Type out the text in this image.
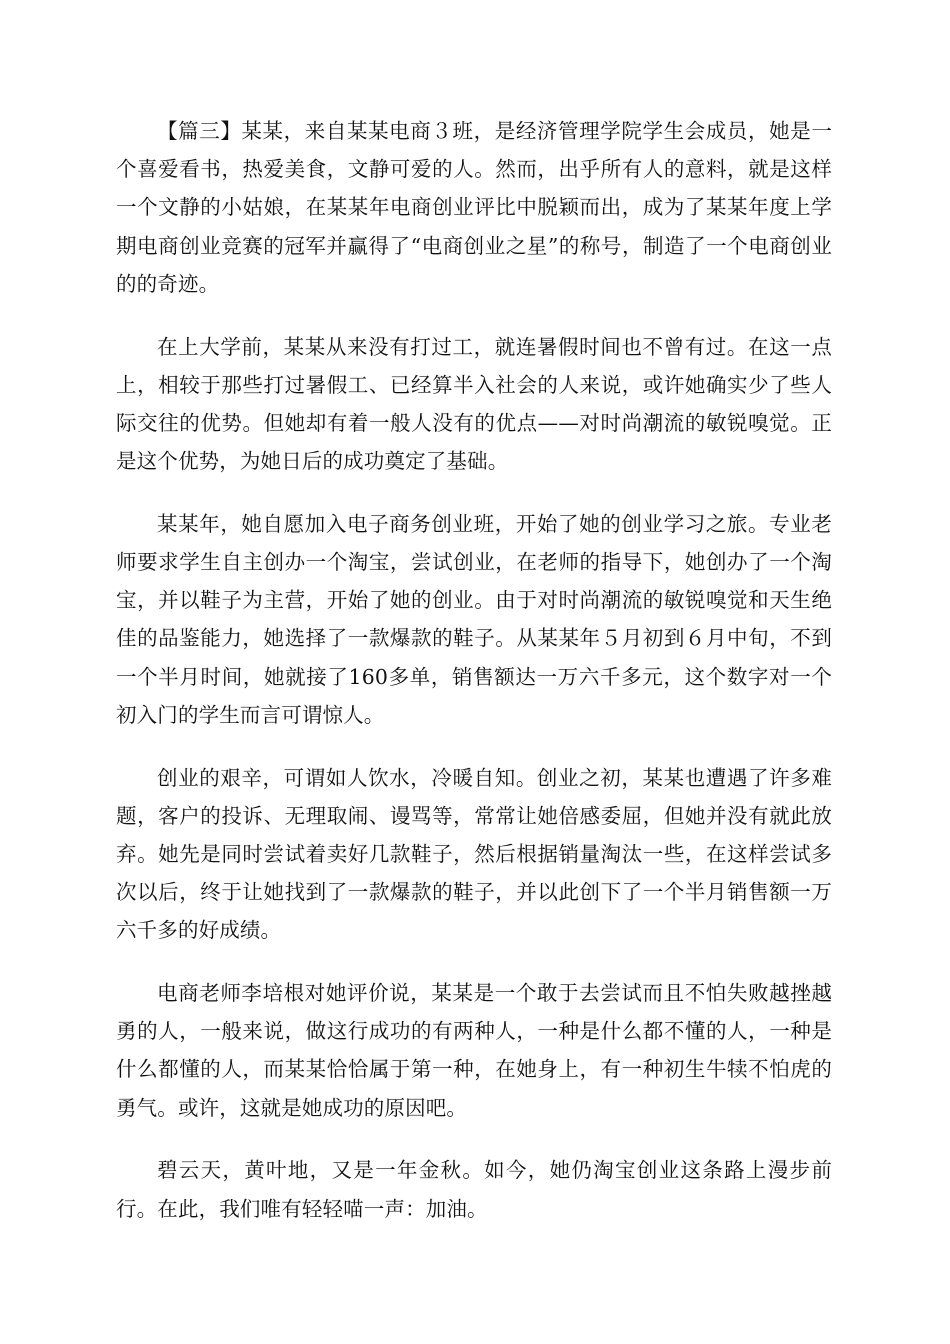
【篇三】某某，来自某某电商３班，是经济管理学院学生会成员，她是一个喜爱看书，热爱美食，文静可爱的人。然而，出乎所有人的意料，就是这样一个文静的小姑娘，在某某年电商创业评比中脱颖而出，成为了某某年度上学期电商创业竞赛的冠军并赢得了“电商创业之星”的称号，制造了一个电商创业的的奇迹。

在上大学前，某某从来没有打过工，就连暑假时间也不曾有过。在这一点上，相较于那些打过暑假工、已经算半入社会的人来说，或许她确实少了些人际交往的优势。但她却有着一般人没有的优点——对时尚潮流的敏锐嗅觉。正是这个优势，为她日后的成功奠定了基础。

某某年，她自愿加入电子商务创业班，开始了她的创业学习之旅。专业老师要求学生自主创办一个淘宝，尝试创业，在老师的指导下，她创办了一个淘宝，并以鞋子为主营，开始了她的创业。由于对时尚潮流的敏锐嗅觉和天生绝佳的品鉴能力，她选择了一款爆款的鞋子。从某某年５月初到６月中旬，不到一个半月时间，她就接了160多单，销售额达一万六千多元，这个数字对一个初入门的学生而言可谓惊人。

创业的艰辛，可谓如人饮水，冷暖自知。创业之初，某某也遭遇了许多难题，客户的投诉、无理取闹、谩骂等，常常让她倍感委屈，但她并没有就此放弃。她先是同时尝试着卖好几款鞋子，然后根据销量淘汰一些，在这样尝试多次以后，终于让她找到了一款爆款的鞋子，并以此创下了一个半月销售额一万六千多的好成绩。

电商老师李培根对她评价说，某某是一个敢于去尝试而且不怕失败越挫越勇的人，一般来说，做这行成功的有两种人，一种是什么都不懂的人，一种是什么都懂的人，而某某恰恰属于第一种，在她身上，有一种初生牛犊不怕虎的勇气。或许，这就是她成功的原因吧。

碧云天，黄叶地，又是一年金秋。如今，她仍淘宝创业这条路上漫步前行。在此，我们唯有轻轻喵一声：加油。
